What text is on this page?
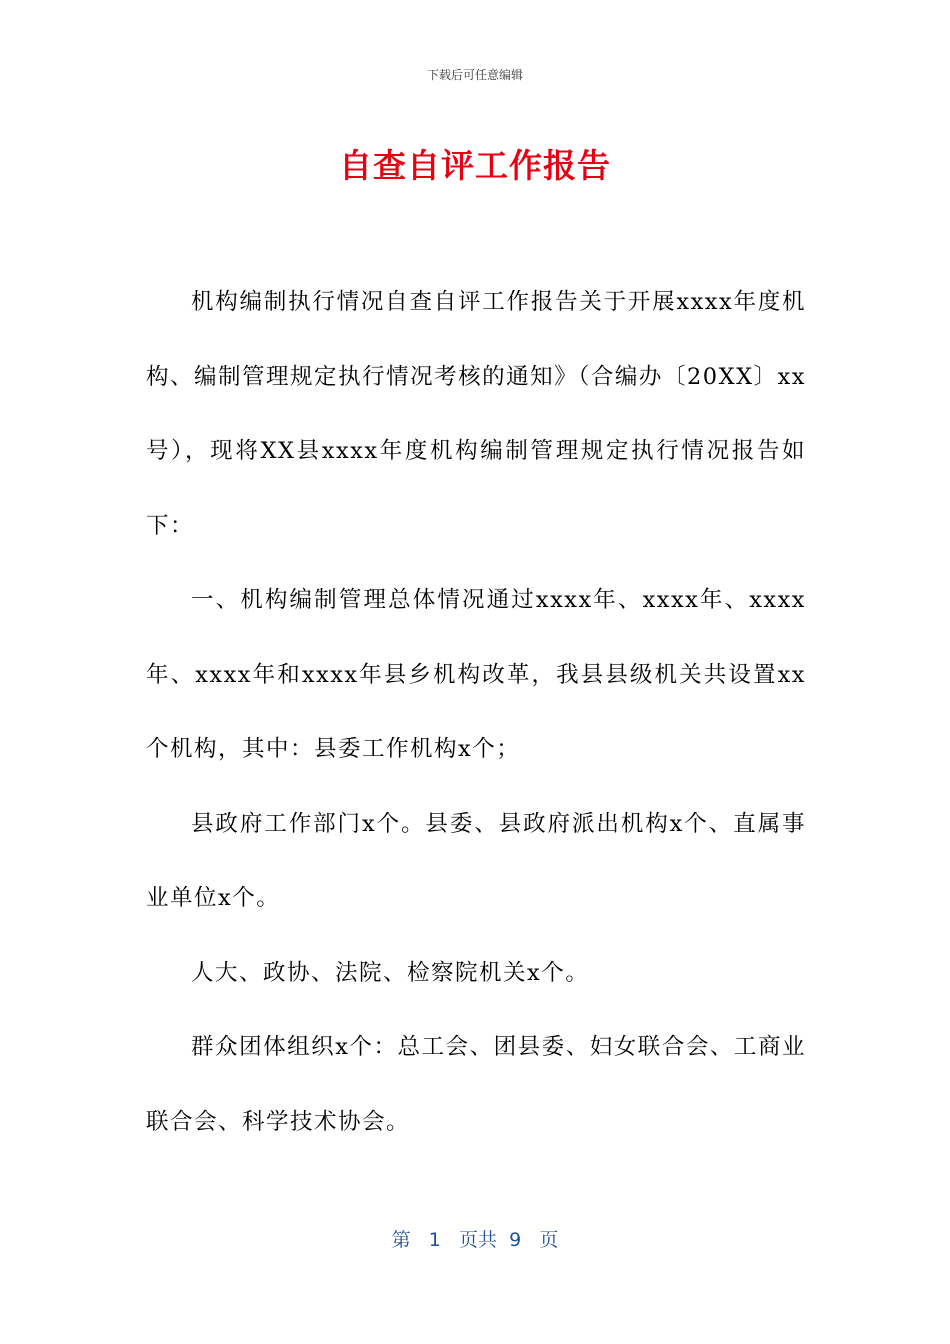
下载后可任意编辑
自查自评工作报告

机构编制执行情况自查自评工作报告关于开展xxxx年度机构、编制管理规定执行情况考核的通知》（合编办〔20XX〕xx号），现将XX县xxxx年度机构编制管理规定执行情况报告如下：

一、机构编制管理总体情况通过xxxx年、xxxx年、xxxx年、xxxx年和xxxx年县乡机构改革，我县县级机关共设置xx个机构，其中：县委工作机构x个；

县政府工作部门x个。县委、县政府派出机构x个、直属事业单位x个。

人大、政协、法院、检察院机关x个。

群众团体组织x个：总工会、团县委、妇女联合会、工商业联合会、科学技术协会。

第 1 页共 9 页
